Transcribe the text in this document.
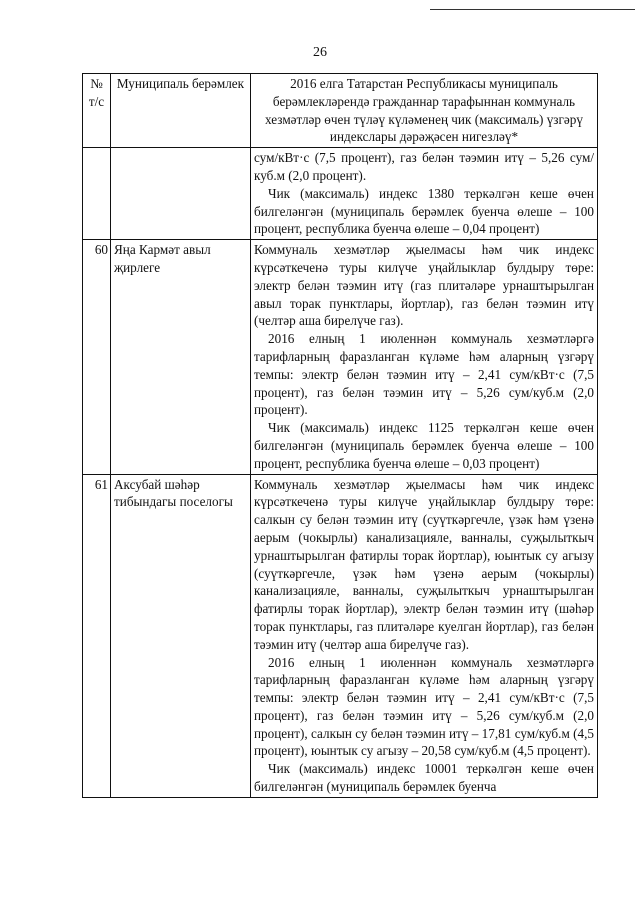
26
№ т/с	Муниципаль берәмлек	2016 елга Татарстан Республикасы муниципаль берәмлекләрендә гражданнар тарафыннан коммуналь хезмәтләр өчен түләү күләменең чик (максималь) үзгәрү индекслары дәрәҗәсен нигезләү*

		сум/кВт·с (7,5 процент), газ белән тәэмин итү – 5,26 сум/куб.м (2,0 процент).

Чик (максималь) индекс 1380 теркәлгән кеше өчен билгеләнгән (муниципаль берәмлек буенча өлеше – 100 процент, республика буенча өлеше – 0,04 процент)

60	Яңа Кармәт авыл җирлеге	Коммуналь хезмәтләр җыелмасы һәм чик индекс күрсәткеченә туры килүче уңайлыклар булдыру төре: электр белән тәэмин итү (газ плитәләре урнаштырылган авыл торак пунктлары, йортлар), газ белән тәэмин итү (челтәр аша бирелүче газ).

2016 елның 1 июленнән коммуналь хезмәтләргә тарифларның фаразланган күләме һәм аларның үзгәрү темпы: электр белән тәэмин итү – 2,41 сум/кВт·с (7,5 процент), газ белән тәэмин итү – 5,26 сум/куб.м (2,0 процент).

Чик (максималь) индекс 1125 теркәлгән кеше өчен билгеләнгән (муниципаль берәмлек буенча өлеше – 100 процент, республика буенча өлеше – 0,03 процент)

61	Аксубай шәһәр тибындагы поселогы	Коммуналь хезмәтләр җыелмасы һәм чик индекс күрсәткеченә туры килүче уңайлыклар булдыру төре: салкын су белән тәэмин итү (суүткәргечле, үзәк һәм үзенә аерым (чокырлы) канализацияле, ванналы, суҗылыткыч урнаштырылган фатирлы торак йортлар), юынтык су агызу (суүткәргечле, үзәк һәм үзенә аерым (чокырлы) канализацияле, ванналы, суҗылыткыч урнаштырылган фатирлы торак йортлар), электр белән тәэмин итү (шәһәр торак пунктлары, газ плитәләре куелган йортлар), газ белән тәэмин итү (челтәр аша бирелүче газ).

2016 елның 1 июленнән коммуналь хезмәтләргә тарифларның фаразланган күләме һәм аларның үзгәрү темпы: электр белән тәэмин итү – 2,41 сум/кВт·с (7,5 процент), газ белән тәэмин итү – 5,26 сум/куб.м (2,0 процент), салкын су белән тәэмин итү – 17,81 сум/куб.м (4,5 процент), юынтык су агызу – 20,58 сум/куб.м (4,5 процент).

Чик (максималь) индекс 10001 теркәлгән кеше өчен билгеләнгән (муниципаль берәмлек буенча
